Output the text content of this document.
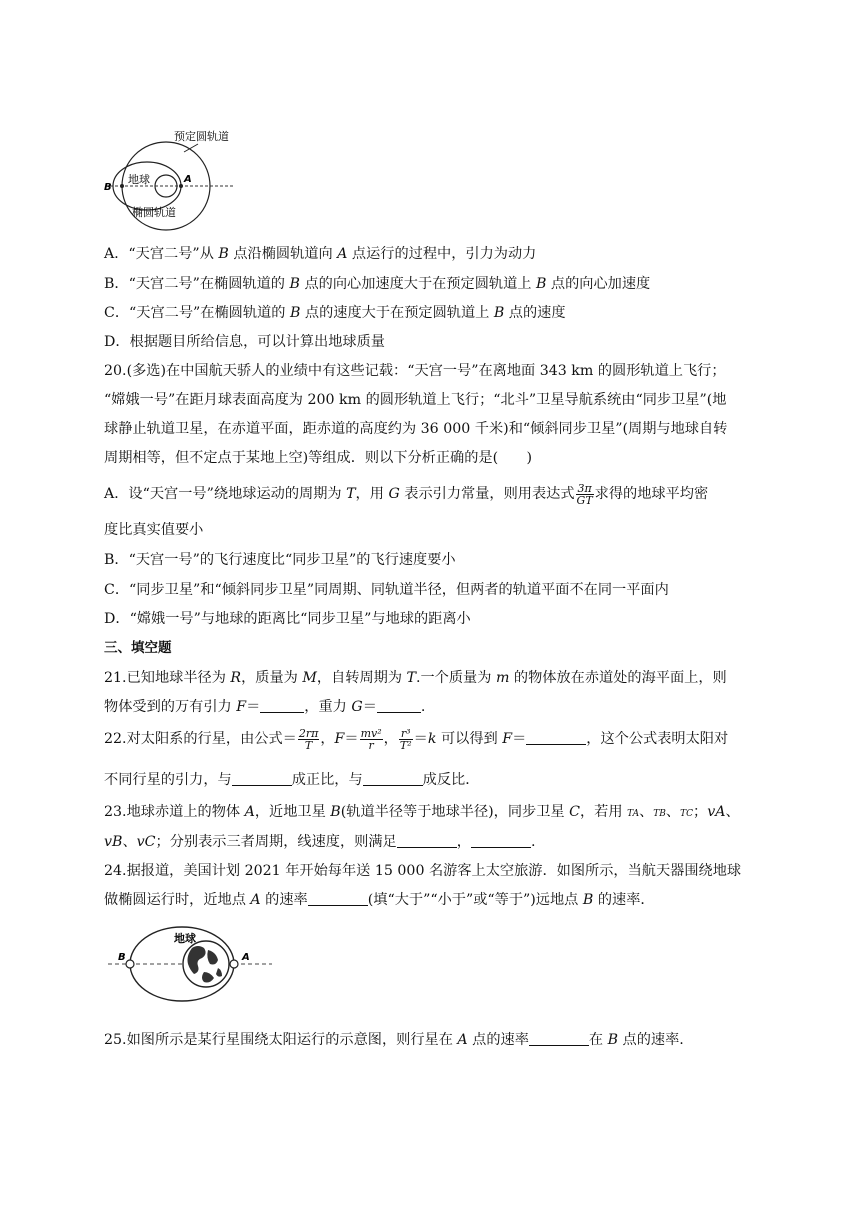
预定圆轨道
地球
椭圆轨道
A
B
A．“天宫二号”从 B 点沿椭圆轨道向 A 点运行的过程中，引力为动力
B．“天宫二号”在椭圆轨道的 B 点的向心加速度大于在预定圆轨道上 B 点的向心加速度
C．“天宫二号”在椭圆轨道的 B 点的速度大于在预定圆轨道上 B 点的速度
D．根据题目所给信息，可以计算出地球质量
20.(多选)在中国航天骄人的业绩中有这些记载：“天宫一号”在离地面 343 km 的圆形轨道上飞行；
“嫦娥一号”在距月球表面高度为 200 km 的圆形轨道上飞行；“北斗”卫星导航系统由“同步卫星”(地
球静止轨道卫星，在赤道平面，距赤道的高度约为 36 000 千米)和“倾斜同步卫星”(周期与地球自转
周期相等，但不定点于某地上空)等组成．则以下分析正确的是(　　)
A．设“天宫一号”绕地球运动的周期为 T，用 G 表示引力常量，则用表达式 $\frac{3\pi}{GT}$ 求得的地球平均密
度比真实值要小
B．“天宫一号”的飞行速度比“同步卫星”的飞行速度要小
C．“同步卫星”和“倾斜同步卫星”同周期、同轨道半径，但两者的轨道平面不在同一平面内
D．“嫦娥一号”与地球的距离比“同步卫星”与地球的距离小
三、填空题
21.已知地球半径为 R，质量为 M，自转周期为 T.一个质量为 m 的物体放在赤道处的海平面上，则
物体受到的万有引力 F＝	，重力 G＝	.
22.对太阳系的行星，由公式＝ $\frac{2r\pi}{T}$ ，$F= \frac{\text{mv²}}{r}$ ， $\frac{\text{r³}}{\text{T²}} =k$ 可以得到 F＝	，这个公式表明太阳对
不同行星的引力，与	成正比，与	成反比．
23.地球赤道上的物体 A，近地卫星 B(轨道半径等于地球半径)，同步卫星 C，若用 TA、TB、TC；vA、
vB、vC；分别表示三者周期，线速度，则满足	，	.
24.据报道，美国计划 2021 年开始每年送 15 000 名游客上太空旅游．如图所示，当航天器围绕地球
做椭圆运行时，近地点 A 的速率	(填“大于”“小于”或“等于”)远地点 B 的速率．
地球
B	A
25.如图所示是某行星围绕太阳运行的示意图，则行星在 A 点的速率	在 B 点的速率.
